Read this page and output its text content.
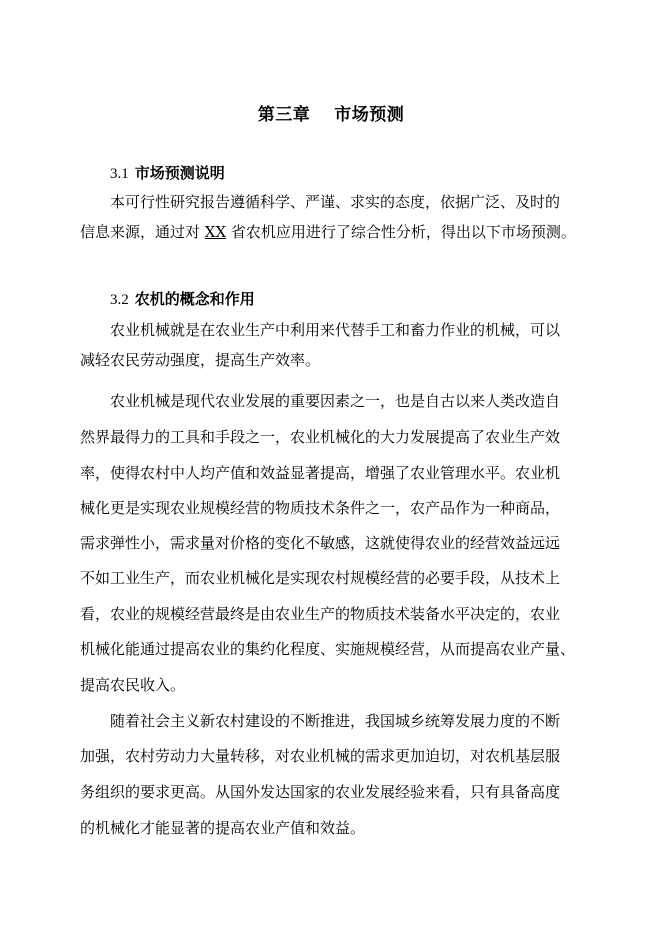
第三章　 市场预测
3.1 市场预测说明
本可行性研究报告遵循科学、严谨、求实的态度，依据广泛、及时的
信息来源，通过对 XX 省农机应用进行了综合性分析，得出以下市场预测。
3.2 农机的概念和作用
农业机械就是在农业生产中利用来代替手工和畜力作业的机械，可以
减轻农民劳动强度，提高生产效率。
农业机械是现代农业发展的重要因素之一，也是自古以来人类改造自
然界最得力的工具和手段之一，农业机械化的大力发展提高了农业生产效
率，使得农村中人均产值和效益显著提高，增强了农业管理水平。农业机
械化更是实现农业规模经营的物质技术条件之一，农产品作为一种商品，
需求弹性小，需求量对价格的变化不敏感，这就使得农业的经营效益远远
不如工业生产，而农业机械化是实现农村规模经营的必要手段，从技术上
看，农业的规模经营最终是由农业生产的物质技术装备水平决定的，农业
机械化能通过提高农业的集约化程度、实施规模经营，从而提高农业产量、
提高农民收入。
随着社会主义新农村建设的不断推进，我国城乡统筹发展力度的不断
加强，农村劳动力大量转移，对农业机械的需求更加迫切，对农机基层服
务组织的要求更高。从国外发达国家的农业发展经验来看，只有具备高度
的机械化才能显著的提高农业产值和效益。
